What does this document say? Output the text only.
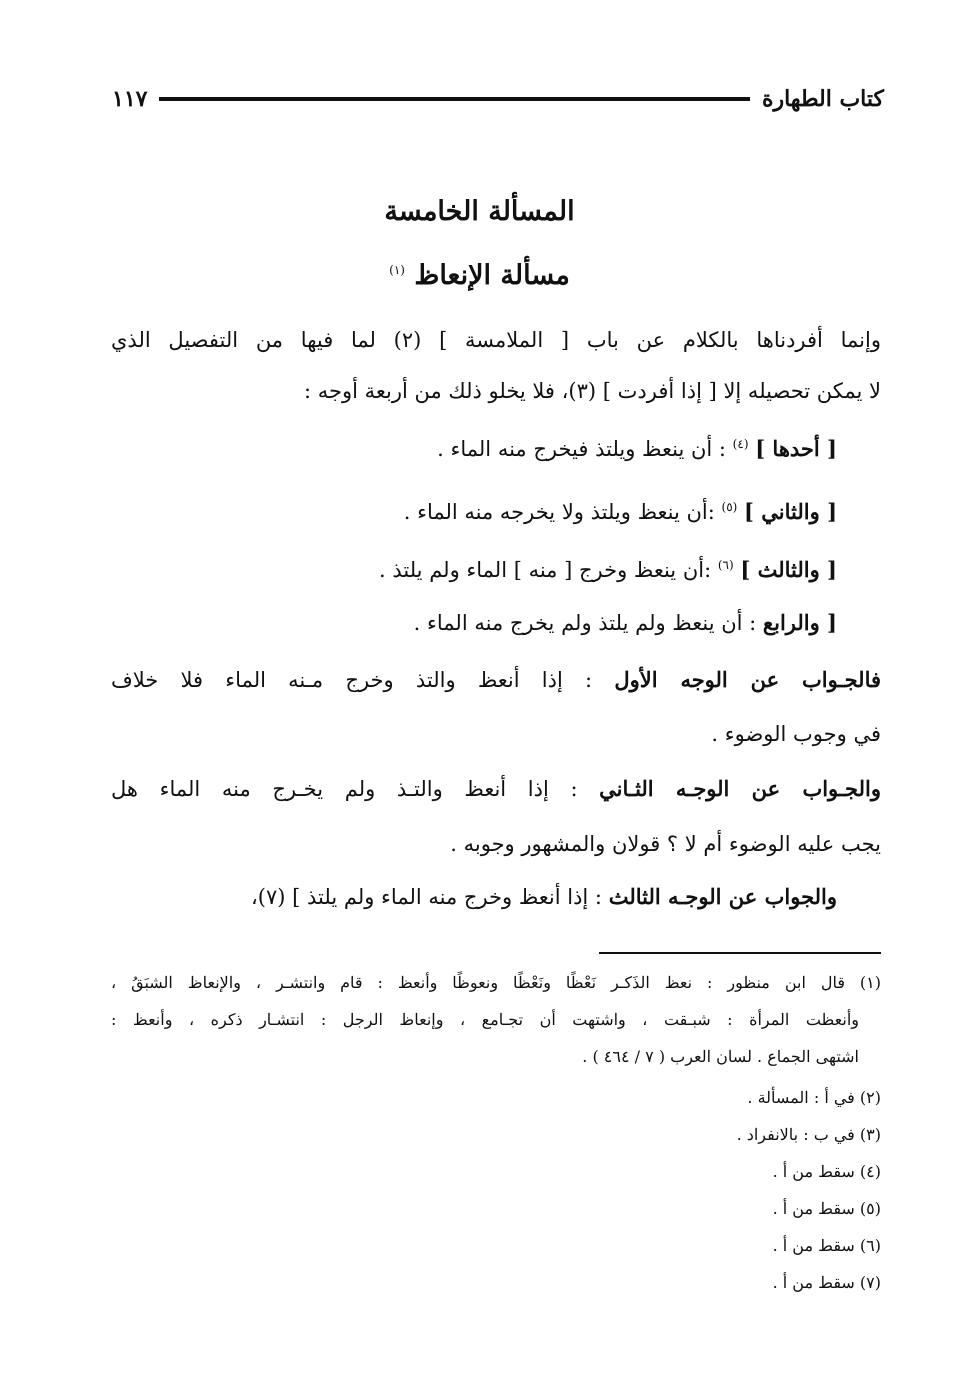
كتاب الطهارة
١١٧
المسألة الخامسة
مسألة الإنعاظ $^{(١)}$
وإنما أفردناها بالكلام عن باب [ الملامسة ] (٢) لما فيها من التفصيل الذي
لا يمكن تحصيله إلا [ إذا أفردت ] (٣)، فلا يخلو ذلك من أربعة أوجه :
[ أحدها ] $^{(٤)}$ : أن ينعظ ويلتذ فيخرج منه الماء .
[ والثاني ] $^{(٥)}$ :أن ينعظ ويلتذ ولا يخرجه منه الماء .
[ والثالث ] $^{(٦)}$ :أن ينعظ وخرج [ منه ] الماء ولم يلتذ .
[ والرابع : أن ينعظ ولم يلتذ ولم يخرج منه الماء .
فالجـواب عن الوجه الأول : إذا أنعظ والتذ وخرج مـنه الماء فلا خلاف
في وجوب الوضوء .
والجـواب عن الوجـه الثـاني : إذا أنعظ والتـذ ولم يخـرج منه الماء هل
يجب عليه الوضوء أم لا ؟ قولان والمشهور وجوبه .
والجواب عن الوجـه الثالث : إذا أنعظ وخرج منه الماء ولم يلتذ ] (٧)،
(١) قال ابن منظور : نعظ الذَكـر نَعْظًا ونَعْظًا ونعوظًا وأنعظ : قام وانتشـر ، والإنعاظ الشبَقُ ،
وأنعظت المرأة : شبـقت ، واشتهت أن تجـامع ، وإنعاظ الرجل : انتشـار ذكره ، وأنعظ :
اشتهى الجماع . لسان العرب ( ٧ / ٤٦٤ ) .
(٢) في أ : المسألة .
(٣) في ب : بالانفراد .
(٤) سقط من أ .
(٥) سقط من أ .
(٦) سقط من أ .
(٧) سقط من أ .
